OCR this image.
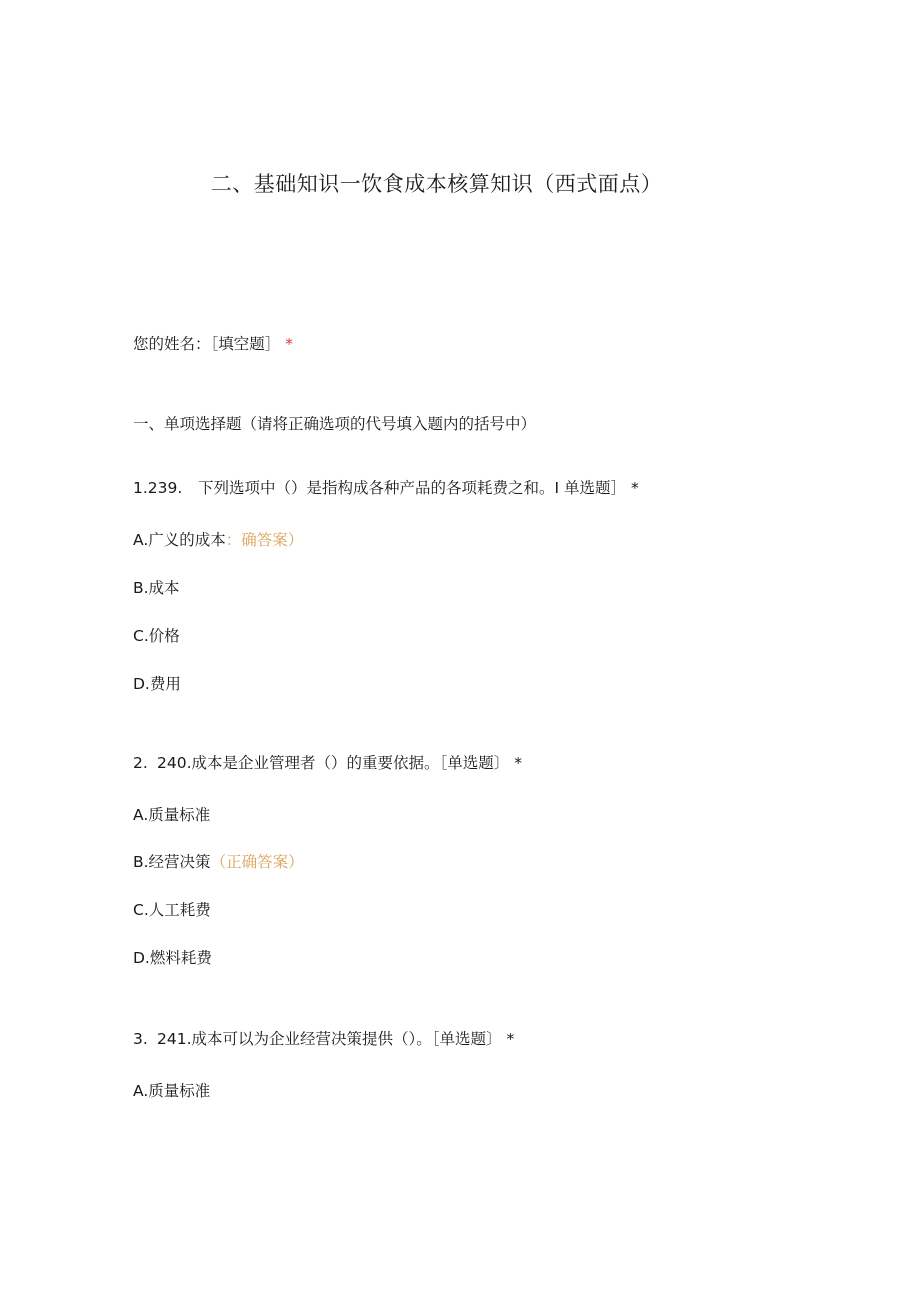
二、基础知识一饮食成本核算知识（西式面点）
您的姓名：［填空题］ *
一、单项选择题（请将正确选项的代号填入题内的括号中）
1.239. 下列选项中（）是指构成各种产品的各项耗费之和。I 单选题］ *
A.广义的成本：确答案）
B.成本
C.价格
D.费用
2. 240.成本是企业管理者（）的重要依据。［单选题〕 *
A.质量标准
B.经营决策（正确答案）
C.人工耗费
D.燃料耗费
3. 241.成本可以为企业经营决策提供（）。［单选题〕 *
A.质量标准
